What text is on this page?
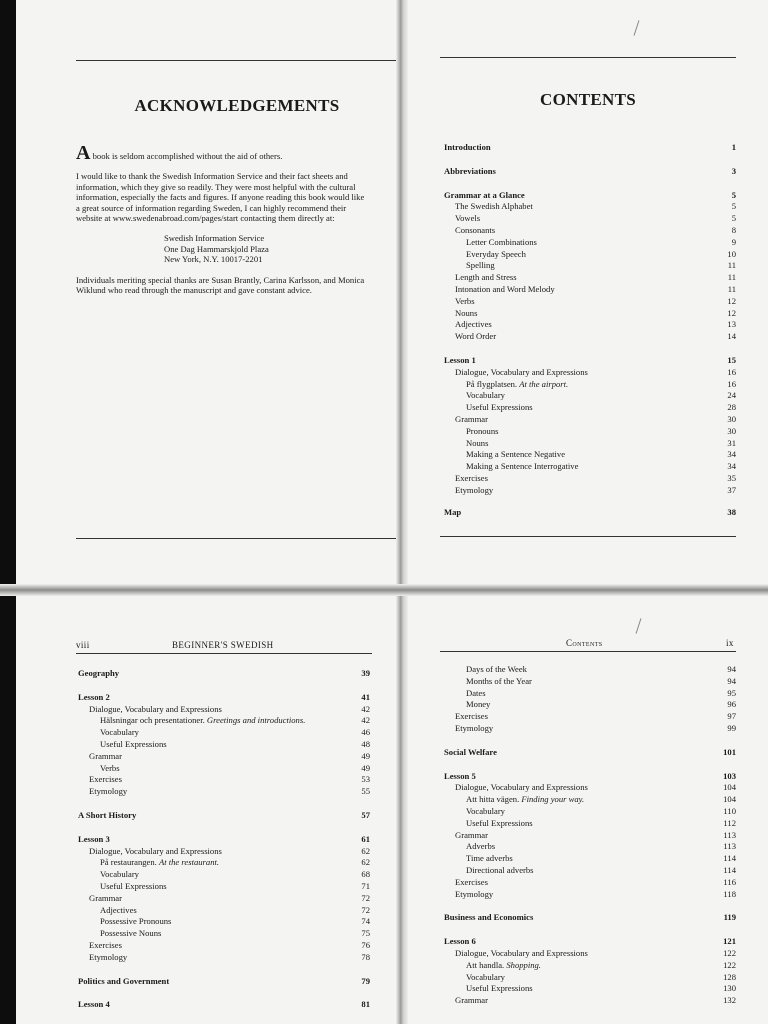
ACKNOWLEDGEMENTS

A book is seldom accomplished without the aid of others.

I would like to thank the Swedish Information Service and their fact sheets and information, which they give so readily. They were most helpful with the cultural information, especially the facts and figures. If anyone reading this book would like a great source of information regarding Sweden, I can highly recommend their website at www.swedenabroad.com/pages/start contacting them directly at:

Swedish Information Service
One Dag Hammarskjold Plaza
New York, N.Y. 10017-2201

Individuals meriting special thanks are Susan Brantly, Carina Karlsson, and Monica Wiklund who read through the manuscript and gave constant advice.

CONTENTS
Introduction	1
Abbreviations	3
Grammar at a Glance	5
The Swedish Alphabet	5
Vowels	5
Consonants	8
Letter Combinations	9
Everyday Speech	10
Spelling	11
Length and Stress	11
Intonation and Word Melody	11
Verbs	12
Nouns	12
Adjectives	13
Word Order	14
Lesson 1	15
Dialogue, Vocabulary and Expressions	16
På flygplatsen. At the airport.	16
Vocabulary	24
Useful Expressions	28
Grammar	30
Pronouns	30
Nouns	31
Making a Sentence Negative	34
Making a Sentence Interrogative	34
Exercises	35
Etymology	37
Map	38
viii	BEGINNER'S SWEDISH
Geography	39
Lesson 2	41
Dialogue, Vocabulary and Expressions	42
Hälsningar och presentationer. Greetings and introductions.	42
Vocabulary	46
Useful Expressions	48
Grammar	49
Verbs	49
Exercises	53
Etymology	55
A Short History	57
Lesson 3	61
Dialogue, Vocabulary and Expressions	62
På restaurangen. At the restaurant.	62
Vocabulary	68
Useful Expressions	71
Grammar	72
Adjectives	72
Possessive Pronouns	74
Possessive Nouns	75
Exercises	76
Etymology	78
Politics and Government	79
Lesson 4	81
Contents	ix
Days of the Week	94
Months of the Year	94
Dates	95
Money	96
Exercises	97
Etymology	99
Social Welfare	101
Lesson 5	103
Dialogue, Vocabulary and Expressions	104
Att hitta vägen. Finding your way.	104
Vocabulary	110
Useful Expressions	112
Grammar	113
Adverbs	113
Time adverbs	114
Directional adverbs	114
Exercises	116
Etymology	118
Business and Economics	119
Lesson 6	121
Dialogue, Vocabulary and Expressions	122
Att handla. Shopping.	122
Vocabulary	128
Useful Expressions	130
Grammar	132
